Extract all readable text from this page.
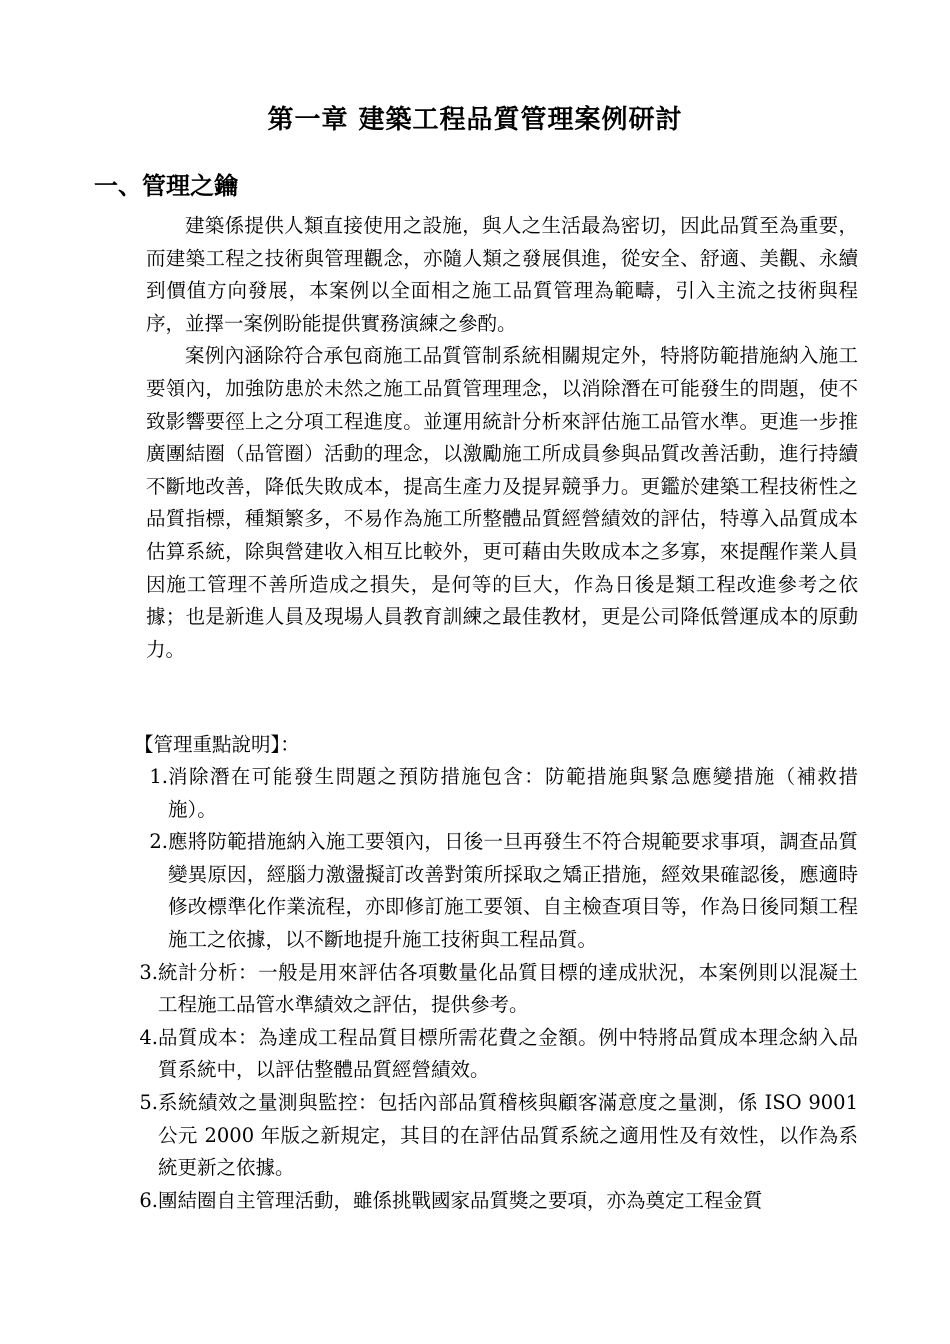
第一章 建築工程品質管理案例研討
一、管理之鑰

建築係提供人類直接使用之設施，與人之生活最為密切，因此品質至為重要，而建築工程之技術與管理觀念，亦隨人類之發展俱進，從安全、舒適、美觀、永續到價值方向發展，本案例以全面相之施工品質管理為範疇，引入主流之技術與程序，並擇一案例盼能提供實務演練之參酌。

案例內涵除符合承包商施工品質管制系統相關規定外，特將防範措施納入施工要領內，加強防患於未然之施工品質管理理念，以消除潛在可能發生的問題，使不致影響要徑上之分項工程進度。並運用統計分析來評估施工品管水準。更進一步推廣團結圈（品管圈）活動的理念，以激勵施工所成員參與品質改善活動，進行持續不斷地改善，降低失敗成本，提高生產力及提昇競爭力。更鑑於建築工程技術性之品質指標，種類繁多，不易作為施工所整體品質經營績效的評估，特導入品質成本估算系統，除與營建收入相互比較外，更可藉由失敗成本之多寡，來提醒作業人員因施工管理不善所造成之損失，是何等的巨大，作為日後是類工程改進參考之依據；也是新進人員及現場人員教育訓練之最佳教材，更是公司降低營運成本的原動力。

【管理重點說明】：
1. 消除潛在可能發生問題之預防措施包含：防範措施與緊急應變措施（補救措施）。
2. 應將防範措施納入施工要領內，日後一旦再發生不符合規範要求事項，調查品質變異原因，經腦力激盪擬訂改善對策所採取之矯正措施，經效果確認後，應適時修改標準化作業流程，亦即修訂施工要領、自主檢查項目等，作為日後同類工程施工之依據，以不斷地提升施工技術與工程品質。
3. 統計分析：一般是用來評估各項數量化品質目標的達成狀況，本案例則以混凝土工程施工品管水準績效之評估，提供參考。
4. 品質成本：為達成工程品質目標所需花費之金額。例中特將品質成本理念納入品質系統中，以評估整體品質經營績效。
5. 系統績效之量測與監控：包括內部品質稽核與顧客滿意度之量測，係 ISO 9001 公元 2000 年版之新規定，其目的在評估品質系統之適用性及有效性，以作為系統更新之依據。
6. 團結圈自主管理活動，雖係挑戰國家品質獎之要項，亦為奠定工程金質
